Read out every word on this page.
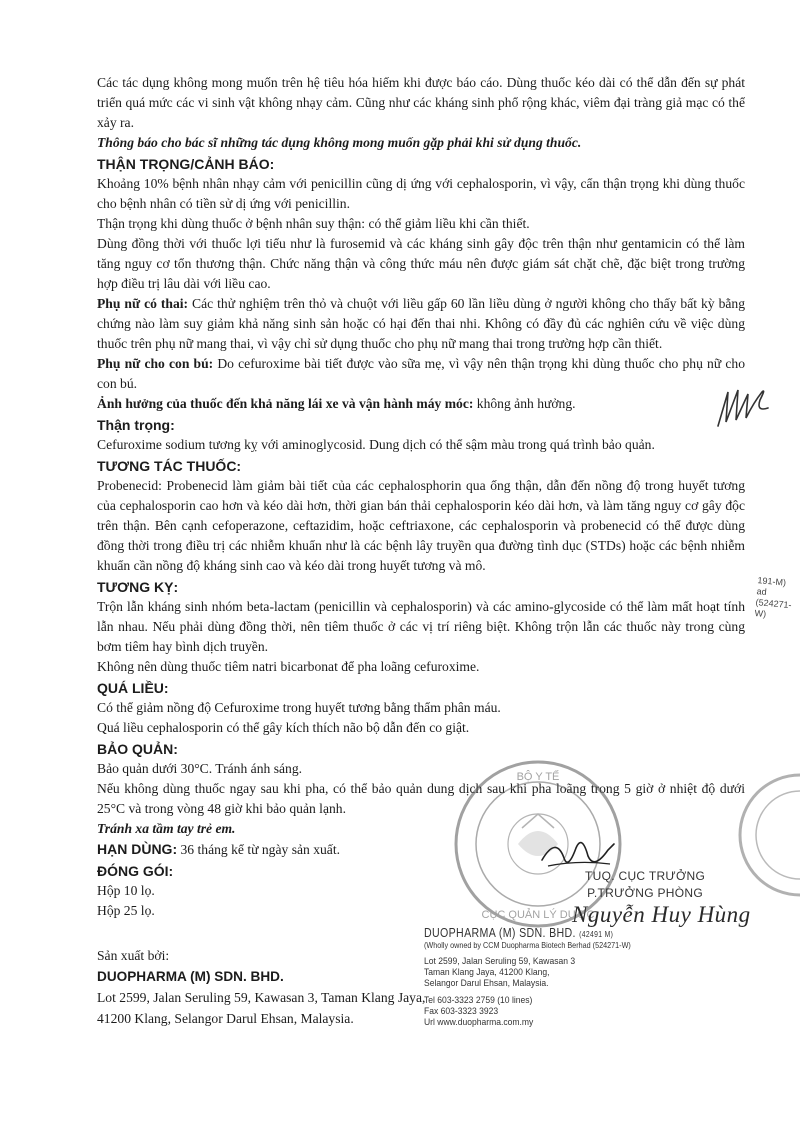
Các tác dụng không mong muốn trên hệ tiêu hóa hiếm khi được báo cáo. Dùng thuốc kéo dài có thể dẫn đến sự phát triển quá mức các vi sinh vật không nhạy cảm. Cũng như các kháng sinh phổ rộng khác, viêm đại tràng giả mạc có thể xảy ra.

Thông báo cho bác sĩ những tác dụng không mong muốn gặp phải khi sử dụng thuốc.

THẬN TRỌNG/CẢNH BÁO:

Khoảng 10% bệnh nhân nhạy cảm với penicillin cũng dị ứng với cephalosporin, vì vậy, cẩn thận trọng khi dùng thuốc cho bệnh nhân có tiền sử dị ứng với penicillin.

Thận trọng khi dùng thuốc ở bệnh nhân suy thận: có thể giảm liều khi cần thiết.

Dùng đồng thời với thuốc lợi tiểu như là furosemid và các kháng sinh gây độc trên thận như gentamicin có thể làm tăng nguy cơ tổn thương thận. Chức năng thận và công thức máu nên được giám sát chặt chẽ, đặc biệt trong trường hợp điều trị lâu dài với liều cao.

Phụ nữ có thai: Các thử nghiệm trên thỏ và chuột với liều gấp 60 lần liều dùng ở người không cho thấy bất kỳ bằng chứng nào làm suy giảm khả năng sinh sản hoặc có hại đến thai nhi. Không có đầy đủ các nghiên cứu về việc dùng thuốc trên phụ nữ mang thai, vì vậy chỉ sử dụng thuốc cho phụ nữ mang thai trong trường hợp cần thiết.

Phụ nữ cho con bú: Do cefuroxime bài tiết được vào sữa mẹ, vì vậy nên thận trọng khi dùng thuốc cho phụ nữ cho con bú.

Ảnh hưởng của thuốc đến khả năng lái xe và vận hành máy móc: không ảnh hưởng.

Thận trọng:

Cefuroxime sodium tương kỵ với aminoglycosid. Dung dịch có thể sậm màu trong quá trình bảo quản.

TƯƠNG TÁC THUỐC:

Probenecid: Probenecid làm giảm bài tiết của các cephalosphorin qua ống thận, dẫn đến nồng độ trong huyết tương của cephalosporin cao hơn và kéo dài hơn, thời gian bán thải cephalosporin kéo dài hơn, và làm tăng nguy cơ gây độc trên thận. Bên cạnh cefoperazone, ceftazidim, hoặc ceftriaxone, các cephalosporin và probenecid có thể được dùng đồng thời trong điều trị các nhiễm khuẩn như là các bệnh lây truyền qua đường tình dục (STDs) hoặc các bệnh nhiễm khuẩn cần nồng độ kháng sinh cao và kéo dài trong huyết tương và mô.

TƯƠNG KỴ:

Trộn lẫn kháng sinh nhóm beta-lactam (penicillin và cephalosporin) và các amino-glycoside có thể làm mất hoạt tính lẫn nhau. Nếu phải dùng đồng thời, nên tiêm thuốc ở các vị trí riêng biệt. Không trộn lẫn các thuốc này trong cùng bơm tiêm hay bình dịch truyền.

Không nên dùng thuốc tiêm natri bicarbonat để pha loãng cefuroxime.

QUÁ LIỀU:

Có thể giảm nồng độ Cefuroxime trong huyết tương bằng thẩm phân máu.

Quá liều cephalosporin có thể gây kích thích não bộ dẫn đến co giật.

BẢO QUẢN:

Bảo quản dưới 30°C. Tránh ánh sáng.

Nếu không dùng thuốc ngay sau khi pha, có thể bảo quản dung dịch sau khi pha loãng trong 5 giờ ở nhiệt độ dưới 25°C và trong vòng 48 giờ khi bảo quản lạnh.

Tránh xa tầm tay trẻ em.

HẠN DÙNG: 36 tháng kể từ ngày sản xuất.

ĐÓNG GÓI:

Hộp 10 lọ.

Hộp 25 lọ.

Sản xuất bởi:
DUOPHARMA (M) SDN. BHD.
Lot 2599, Jalan Seruling 59, Kawasan 3, Taman Klang Jaya,
41200 Klang, Selangor Darul Ehsan, Malaysia.
191-M)
ad (524271-W)
BỘ Y TẾ
CỤC QUẢN LÝ DƯỢC
TUQ. CỤC TRƯỞNG
P.TRƯỞNG PHÒNG
Nguyễn Huy Hùng
DUOPHARMA (M) SDN. BHD. (42491 M)
(Wholly owned by CCM Duopharma Biotech Berhad (524271-W)
Lot 2599, Jalan Seruling 59, Kawasan 3
Taman Klang Jaya, 41200 Klang,
Selangor Darul Ehsan, Malaysia.
Tel 603-3323 2759 (10 lines)
Fax 603-3323 3923
Url www.duopharma.com.my
